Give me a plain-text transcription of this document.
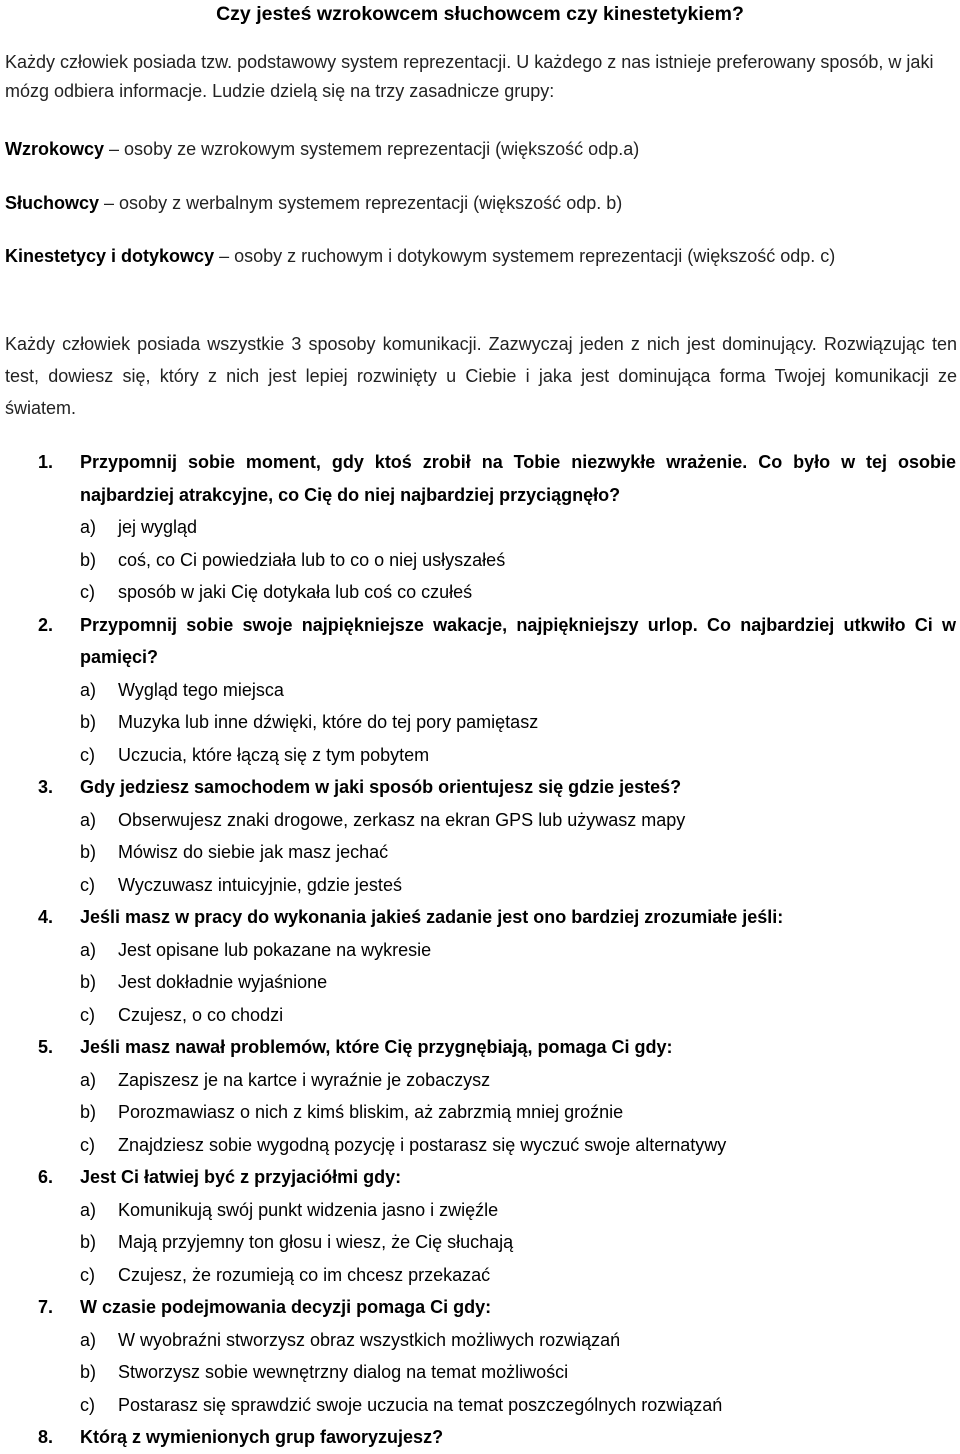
Czy jesteś wzrokowcem słuchowcem czy kinestetykiem?

Każdy człowiek posiada tzw. podstawowy system reprezentacji. U każdego z nas istnieje preferowany sposób, w jaki mózg odbiera informacje. Ludzie dzielą się na trzy zasadnicze grupy:

Wzrokowcy – osoby ze wzrokowym systemem reprezentacji (większość odp.a)

Słuchowcy – osoby z werbalnym systemem reprezentacji (większość odp. b)

Kinestetycy i dotykowcy – osoby z ruchowym i dotykowym systemem reprezentacji (większość odp. c)

Każdy człowiek posiada wszystkie 3 sposoby komunikacji. Zazwyczaj jeden z nich jest dominujący. Rozwiązując ten test, dowiesz się, który z nich jest lepiej rozwinięty u Ciebie i jaka jest dominująca forma Twojej komunikacji ze światem.

1. Przypomnij sobie moment, gdy ktoś zrobił na Tobie niezwykłe wrażenie. Co było w tej osobie najbardziej atrakcyjne, co Cię do niej najbardziej przyciągnęło?
a) jej wygląd
b) coś, co Ci powiedziała lub to co o niej usłyszałeś
c) sposób w jaki Cię dotykała lub coś co czułeś
2. Przypomnij sobie swoje najpiękniejsze wakacje, najpiękniejszy urlop. Co najbardziej utkwiło Ci w pamięci?
a) Wygląd tego miejsca
b) Muzyka lub inne dźwięki, które do tej pory pamiętasz
c) Uczucia, które łączą się z tym pobytem
3. Gdy jedziesz samochodem w jaki sposób orientujesz się gdzie jesteś?
a) Obserwujesz znaki drogowe, zerkasz na ekran GPS lub używasz mapy
b) Mówisz do siebie jak masz jechać
c) Wyczuwasz intuicyjnie, gdzie jesteś
4. Jeśli masz w pracy do wykonania jakieś zadanie jest ono bardziej zrozumiałe jeśli:
a) Jest opisane lub pokazane na wykresie
b) Jest dokładnie wyjaśnione
c) Czujesz, o co chodzi
5. Jeśli masz nawał problemów, które Cię przygnębiają, pomaga Ci gdy:
a) Zapiszesz je na kartce i wyraźnie je zobaczysz
b) Porozmawiasz o nich z kimś bliskim, aż zabrzmią mniej groźnie
c) Znajdziesz sobie wygodną pozycję i postarasz się wyczuć swoje alternatywy
6. Jest Ci łatwiej być z przyjaciółmi gdy:
a) Komunikują swój punkt widzenia jasno i zwięźle
b) Mają przyjemny ton głosu i wiesz, że Cię słuchają
c) Czujesz, że rozumieją co im chcesz przekazać
7. W czasie podejmowania decyzji pomaga Ci gdy:
a) W wyobraźni stworzysz obraz wszystkich możliwych rozwiązań
b) Stworzysz sobie wewnętrzny dialog na temat możliwości
c) Postarasz się sprawdzić swoje uczucia na temat poszczególnych rozwiązań
8. Którą z wymienionych grup faworyzujesz?
